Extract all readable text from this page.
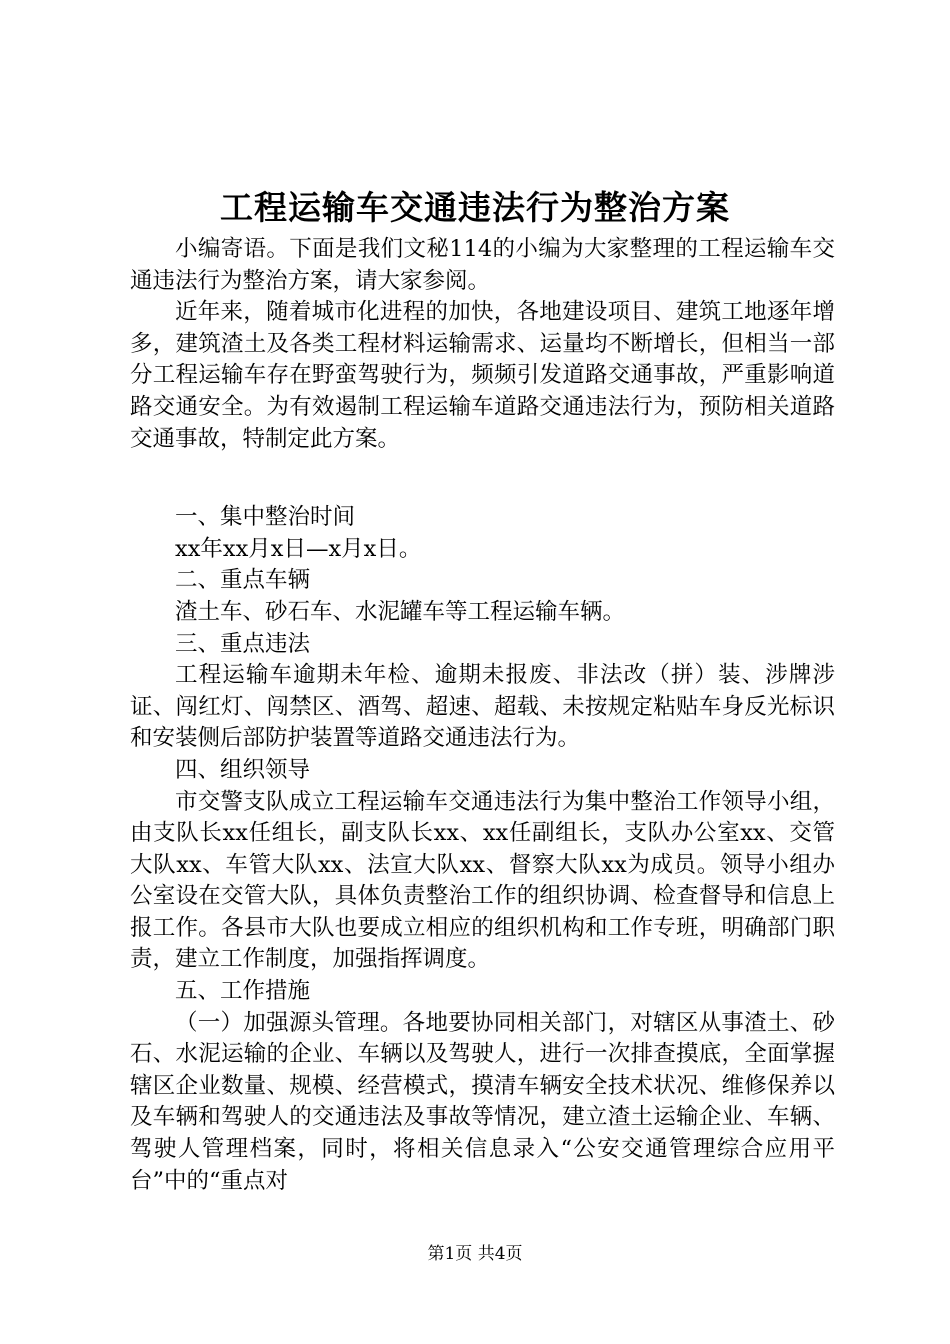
工程运输车交通违法行为整治方案

小编寄语。下面是我们文秘114的小编为大家整理的工程运输车交通违法行为整治方案，请大家参阅。

近年来，随着城市化进程的加快，各地建设项目、建筑工地逐年增多，建筑渣土及各类工程材料运输需求、运量均不断增长，但相当一部分工程运输车存在野蛮驾驶行为，频频引发道路交通事故，严重影响道路交通安全。为有效遏制工程运输车道路交通违法行为，预防相关道路交通事故，特制定此方案。

一、集中整治时间

xx年xx月x日—x月x日。

二、重点车辆

渣土车、砂石车、水泥罐车等工程运输车辆。

三、重点违法

工程运输车逾期未年检、逾期未报废、非法改（拼）装、涉牌涉证、闯红灯、闯禁区、酒驾、超速、超载、未按规定粘贴车身反光标识和安装侧后部防护装置等道路交通违法行为。

四、组织领导

市交警支队成立工程运输车交通违法行为集中整治工作领导小组，由支队长xx任组长，副支队长xx、xx任副组长，支队办公室xx、交管大队xx、车管大队xx、法宣大队xx、督察大队xx为成员。领导小组办公室设在交管大队，具体负责整治工作的组织协调、检查督导和信息上报工作。各县市大队也要成立相应的组织机构和工作专班，明确部门职责，建立工作制度，加强指挥调度。

五、工作措施

（一）加强源头管理。各地要协同相关部门，对辖区从事渣土、砂石、水泥运输的企业、车辆以及驾驶人，进行一次排查摸底，全面掌握辖区企业数量、规模、经营模式，摸清车辆安全技术状况、维修保养以及车辆和驾驶人的交通违法及事故等情况，建立渣土运输企业、车辆、驾驶人管理档案，同时，将相关信息录入“公安交通管理综合应用平台”中的“重点对

第1页 共4页
